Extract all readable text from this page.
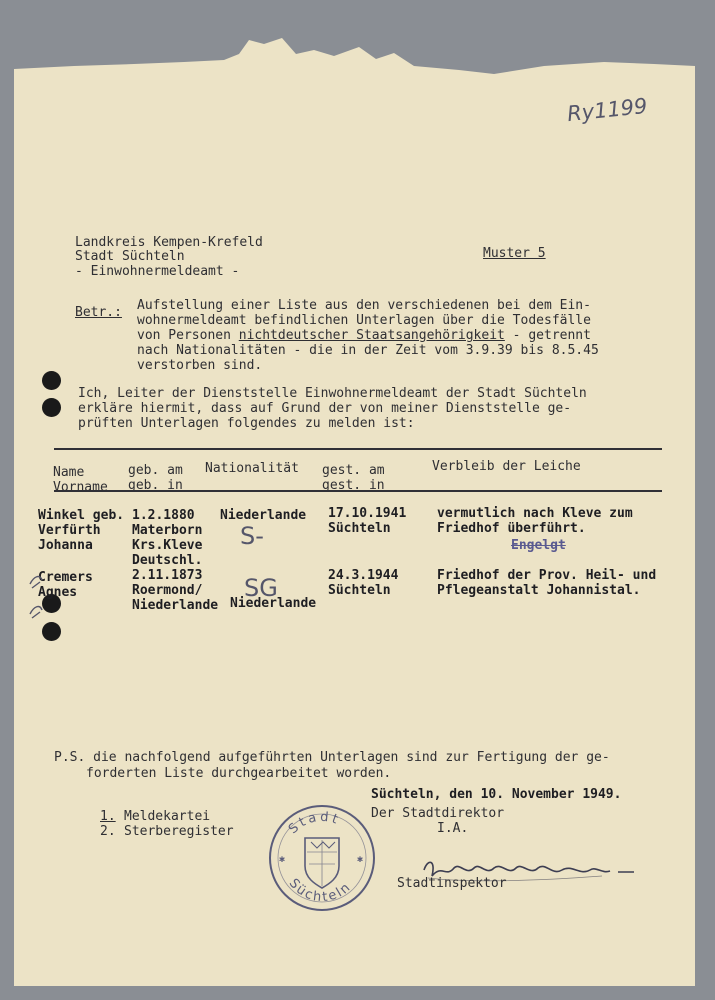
Ry1199
Landkreis Kempen-Krefeld
Stadt Süchteln
- Einwohnermeldeamt -
Muster 5
Betr.: Aufstellung einer Liste aus den verschiedenen bei dem Ein-
wohnermeldeamt befindlichen Unterlagen über die Todesfälle
von Personen nichtdeutscher Staatsangehörigkeit - getrennt
nach Nationalitäten - die in der Zeit vom 3.9.39 bis 8.5.45
verstorben sind.
Ich, Leiter der Dienststelle Einwohnermeldeamt der Stadt Süchteln
erkläre hiermit, dass auf Grund der von meiner Dienststelle ge-
prüften Unterlagen folgendes zu melden ist:
Name
Vorname
geb. am
geb. in
Nationalität gest. am
gest. in
Verbleib der Leiche
Winkel geb.
Verfürth
Johanna
1.2.1880
Materborn
Krs.Kleve
Deutschl.
Niederlande
S-
17.10.1941
Süchteln
vermutlich nach Kleve zum
Friedhof überführt.
Engelgt
Cremers
Agnes
2.11.1873
Roermond/
Niederlande

Niederlande
SG	24.3.1944
Süchteln
Friedhof der Prov. Heil- und
Pflegeanstalt Johannistal.
P.S. die nachfolgend aufgeführten Unterlagen sind zur Fertigung der ge-
forderten Liste durchgearbeitet worden.
1. Meldekartei
2. Sterberegister
Süchteln, den 10. November 1949.
Der Stadtdirektor
I.A.
Stadt
Süchteln
✱	✱
Stadtinspektor
